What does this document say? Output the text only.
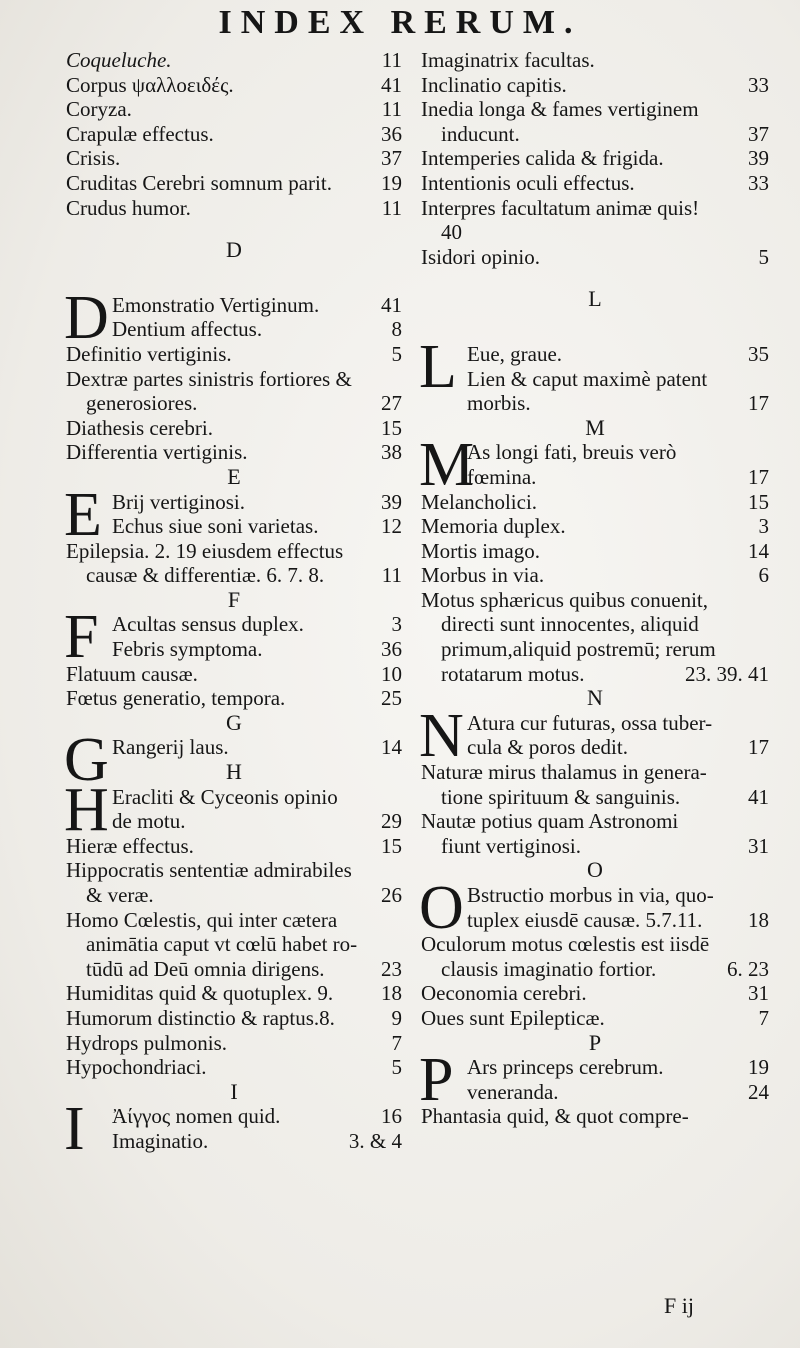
INDEX RERUM.
Coqueluche.	11
Corpus ψαλλοειδές.	41
Coryza.	11
Crapulæ effectus.	36
Crisis.	37
Cruditas Cerebri somnum parit.	19
Crudus humor.	11
D
D Emonstratio Vertiginum.	41
Dentium affectus.	8
Definitio vertiginis.	5
Dextræ partes sinistris fortiores &
generosiores.	27
Diathesis cerebri.	15
Differentia vertiginis.	38
E
E Brij vertiginosi.	39
Echus siue soni varietas.	12
Epilepsia. 2. 19 eiusdem effectus
causæ & differentiæ. 6. 7. 8.	11
F
F Acultas sensus duplex.	3
Febris symptoma.	36
Flatuum causæ.	10
Fœtus generatio, tempora.	25
G
G Rangerij laus.	14
H
H Eracliti & Cyceonis opinio
de motu.	29
Hieræ effectus.	15
Hippocratis sententiæ admirabiles
& veræ.	26
Homo Cœlestis, qui inter cætera
animātia caput vt cœlū habet ro-
tūdū ad Deū omnia dirigens.	23
Humiditas quid & quotuplex. 9.	18
Humorum distinctio & raptus.8.	9
Hydrops pulmonis.	7
Hypochondriaci.	5
I
I Ἀίγγος nomen quid.	16
Imaginatio.	3. & 4
Imaginatrix facultas.
Inclinatio capitis.	33
Inedia longa & fames vertiginem
inducunt.	37
Intemperies calida & frigida.	39
Intentionis oculi effectus.	33
Interpres facultatum animæ quis!
40
Isidori opinio.	5
L
L Eue, graue.	35
Lien & caput maximè patent
morbis.	17
M
M
As longi fati, breuis verò
fœmina.	17
Melancholici.	15
Memoria duplex.	3
Mortis imago.	14
Morbus in via.	6
Motus sphæricus quibus conuenit,
directi sunt innocentes, aliquid
primum,aliquid postremū; rerum
rotatarum motus.	23. 39. 41
N
N Atura cur futuras, ossa tuber-
cula & poros dedit.	17
Naturæ mirus thalamus in genera-
tione spirituum & sanguinis.	41
Nautæ potius quam Astronomi
fiunt vertiginosi.	31
O
O Bstructio morbus in via, quo-
tuplex eiusdē causæ. 5.7.11.	18
Oculorum motus cœlestis est iisdē
clausis imaginatio fortior.	6. 23
Oeconomia cerebri.	31
Oues sunt Epilepticæ.	7
P
P Ars princeps cerebrum.	19
veneranda.	24
Phantasia quid, & quot compre-
F ij
